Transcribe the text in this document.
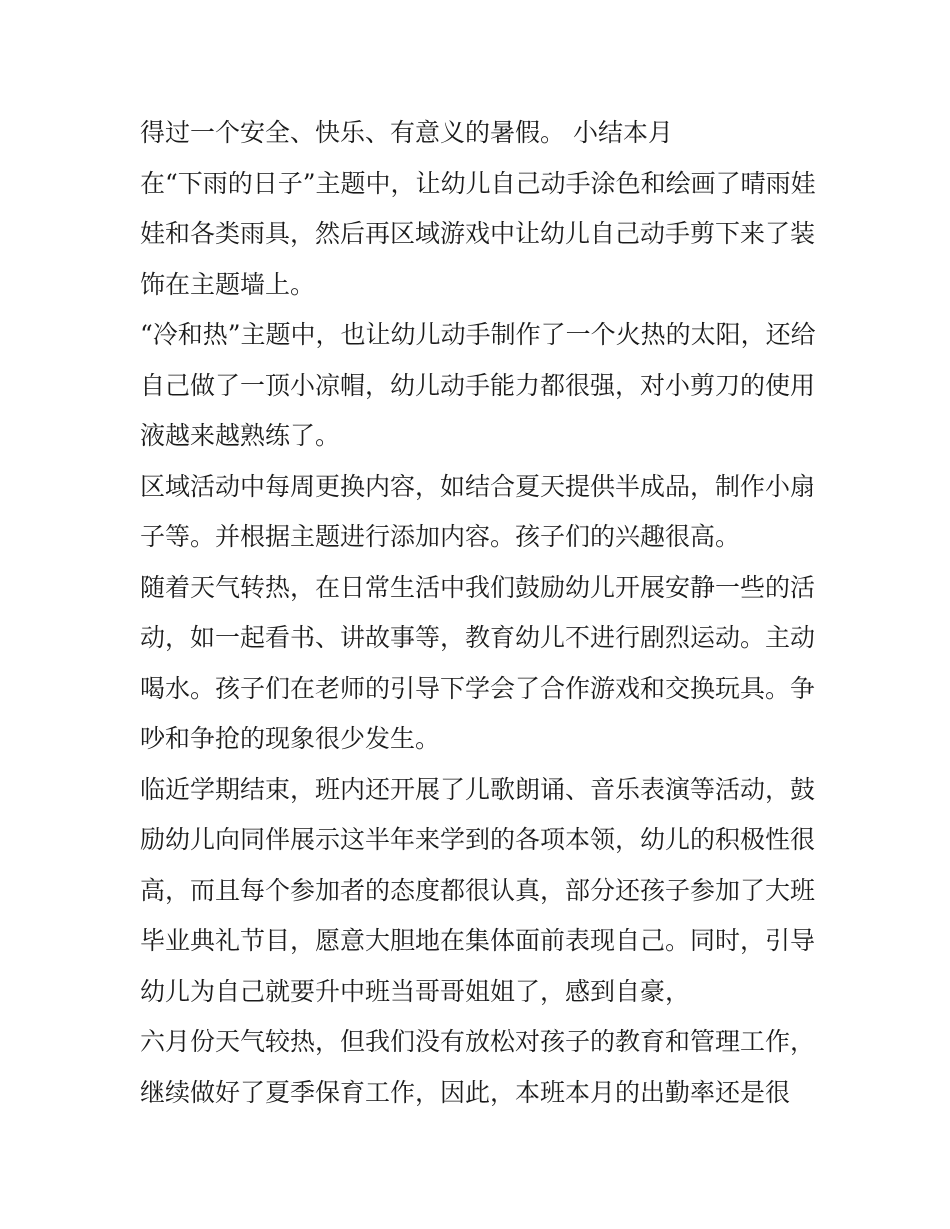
得过一个安全、快乐、有意义的暑假。 小结本月

在“下雨的日子”主题中，让幼儿自己动手涂色和绘画了晴雨娃

娃和各类雨具，然后再区域游戏中让幼儿自己动手剪下来了装

饰在主题墙上。

“冷和热”主题中，也让幼儿动手制作了一个火热的太阳，还给

自己做了一顶小凉帽，幼儿动手能力都很强，对小剪刀的使用

液越来越熟练了。

区域活动中每周更换内容，如结合夏天提供半成品，制作小扇

子等。并根据主题进行添加内容。孩子们的兴趣很高。

随着天气转热，在日常生活中我们鼓励幼儿开展安静一些的活

动，如一起看书、讲故事等，教育幼儿不进行剧烈运动。主动

喝水。孩子们在老师的引导下学会了合作游戏和交换玩具。争

吵和争抢的现象很少发生。

临近学期结束，班内还开展了儿歌朗诵、音乐表演等活动，鼓

励幼儿向同伴展示这半年来学到的各项本领，幼儿的积极性很

高，而且每个参加者的态度都很认真，部分还孩子参加了大班

毕业典礼节目，愿意大胆地在集体面前表现自己。同时，引导

幼儿为自己就要升中班当哥哥姐姐了，感到自豪，

六月份天气较热，但我们没有放松对孩子的教育和管理工作，

继续做好了夏季保育工作，因此，本班本月的出勤率还是很
